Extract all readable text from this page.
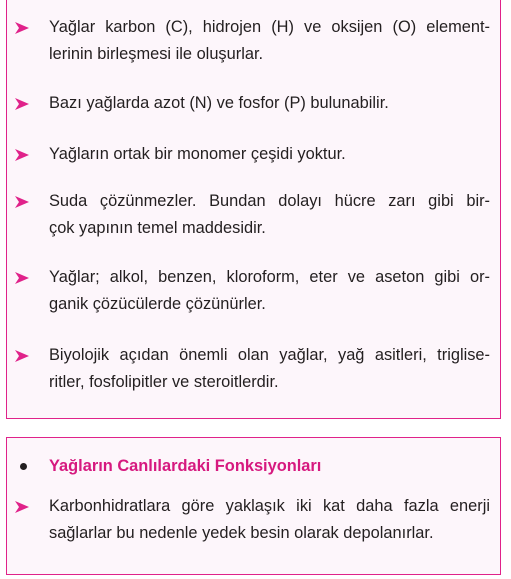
Yağlar karbon (C), hidrojen (H) ve oksijen (O) element-
lerinin birleşmesi ile oluşurlar.
Bazı yağlarda azot (N) ve fosfor (P) bulunabilir.
Yağların ortak bir monomer çeşidi yoktur.
Suda çözünmezler. Bundan dolayı hücre zarı gibi bir-
çok yapının temel maddesidir.
Yağlar; alkol, benzen, kloroform, eter ve aseton gibi or-
ganik çözücülerde çözünürler.
Biyolojik açıdan önemli olan yağlar, yağ asitleri, triglise-
ritler, fosfolipitler ve steroitlerdir.
Yağların Canlılardaki Fonksiyonları
Karbonhidratlara göre yaklaşık iki kat daha fazla enerji
sağlarlar bu nedenle yedek besin olarak depolanırlar.
